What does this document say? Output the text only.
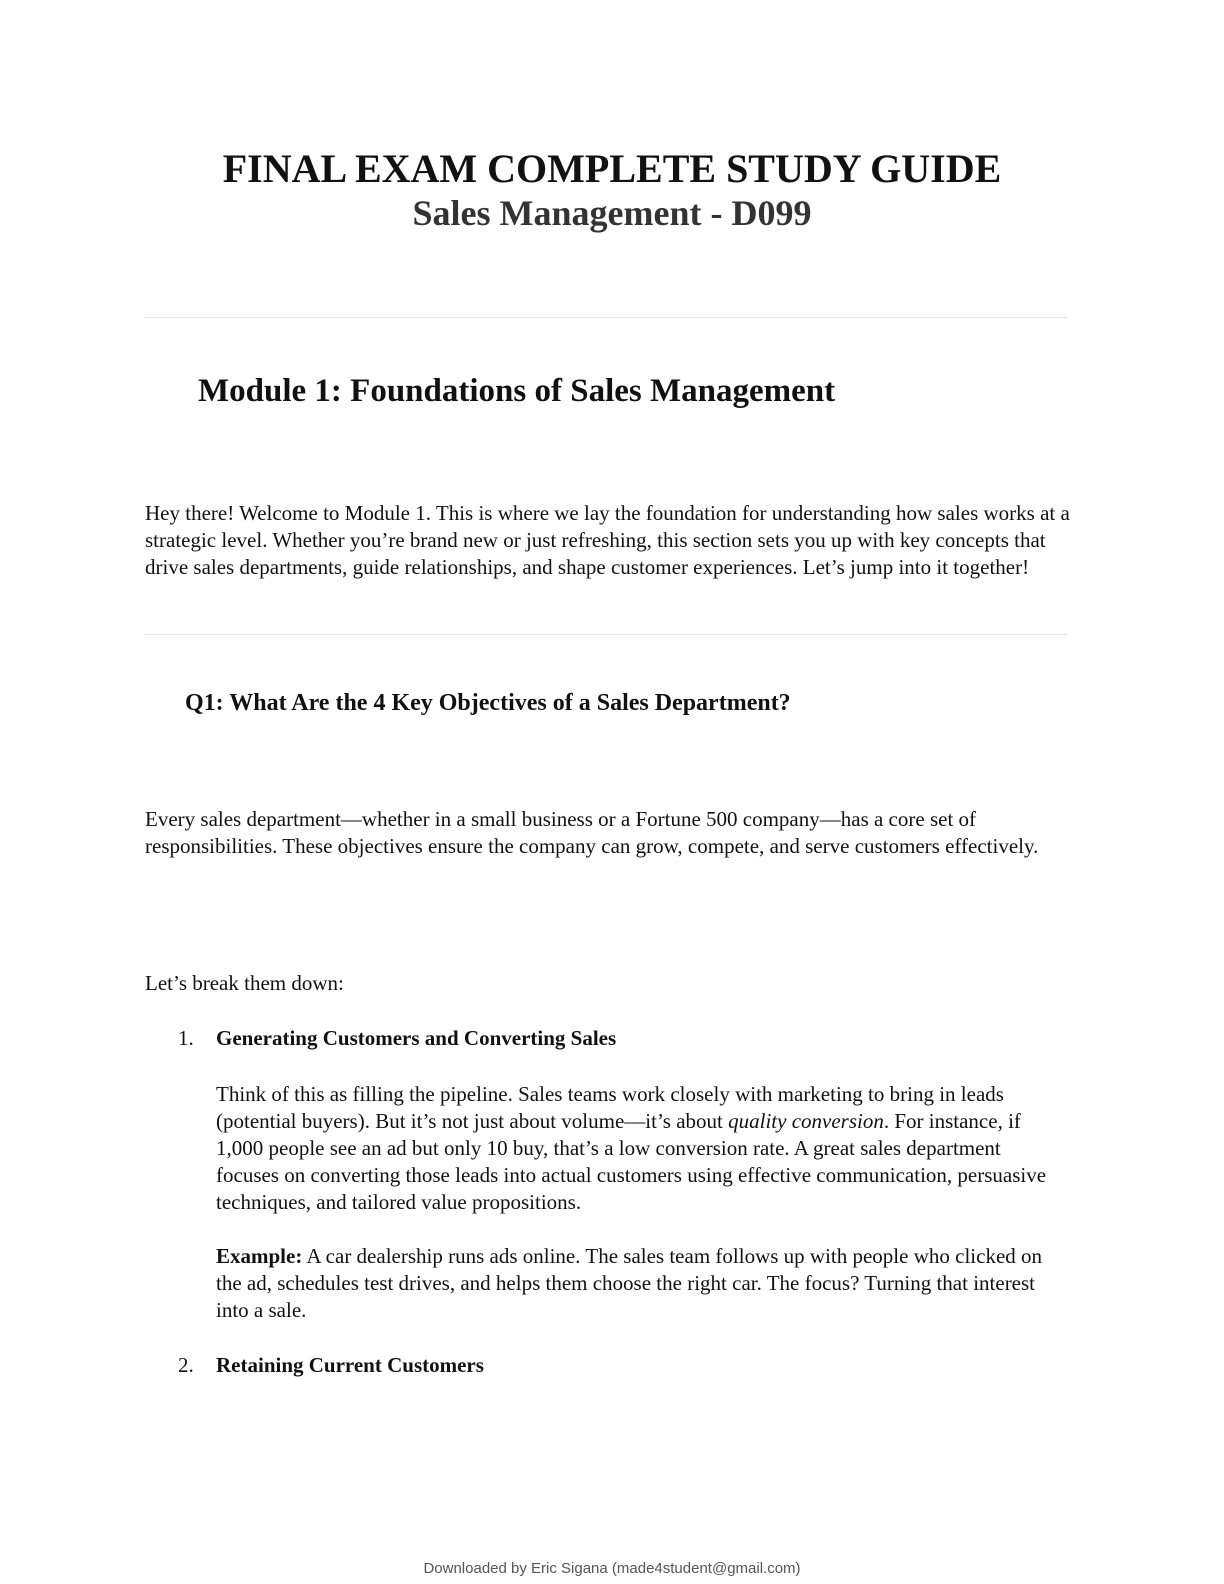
FINAL EXAM COMPLETE STUDY GUIDE
Sales Management - D099
Module 1: Foundations of Sales Management

Hey there! Welcome to Module 1. This is where we lay the foundation for understanding how sales works at a strategic level. Whether you’re brand new or just refreshing, this section sets you up with key concepts that drive sales departments, guide relationships, and shape customer experiences. Let’s jump into it together!

Q1: What Are the 4 Key Objectives of a Sales Department?

Every sales department—whether in a small business or a Fortune 500 company—has a core set of responsibilities. These objectives ensure the company can grow, compete, and serve customers effectively.

Let’s break them down:

1. Generating Customers and Converting Sales

Think of this as filling the pipeline. Sales teams work closely with marketing to bring in leads (potential buyers). But it’s not just about volume—it’s about quality conversion. For instance, if 1,000 people see an ad but only 10 buy, that’s a low conversion rate. A great sales department focuses on converting those leads into actual customers using effective communication, persuasive techniques, and tailored value propositions.

Example: A car dealership runs ads online. The sales team follows up with people who clicked on the ad, schedules test drives, and helps them choose the right car. The focus? Turning that interest into a sale.

2. Retaining Current Customers
Downloaded by Eric Sigana (made4student@gmail.com)
